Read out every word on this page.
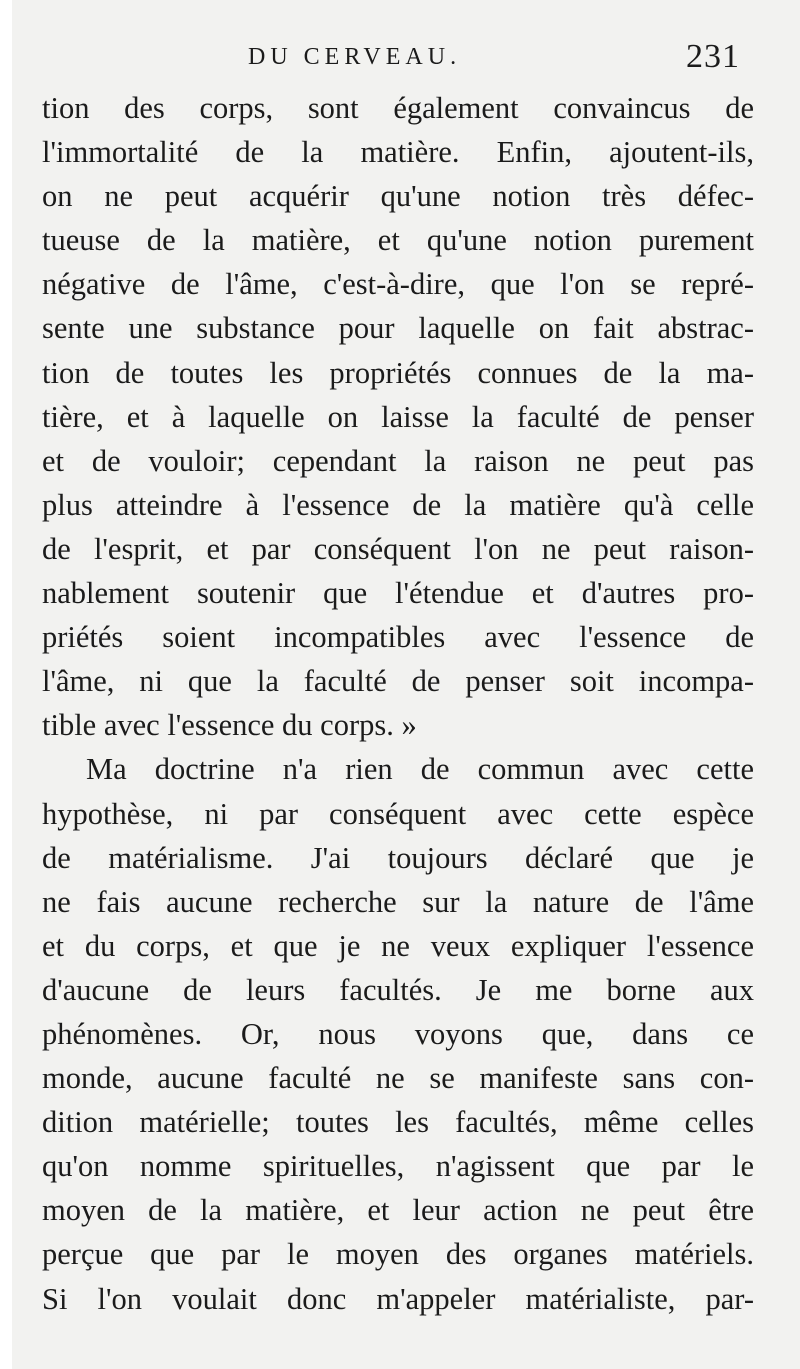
DU CERVEAU.	231
tion des corps, sont également convaincus de
l'immortalité de la matière. Enfin, ajoutent-ils,
on ne peut acquérir qu'une notion très défec-
tueuse de la matière, et qu'une notion purement
négative de l'âme, c'est-à-dire, que l'on se repré-
sente une substance pour laquelle on fait abstrac-
tion de toutes les propriétés connues de la ma-
tière, et à laquelle on laisse la faculté de penser
et de vouloir; cependant la raison ne peut pas
plus atteindre à l'essence de la matière qu'à celle
de l'esprit, et par conséquent l'on ne peut raison-
nablement soutenir que l'étendue et d'autres pro-
priétés soient incompatibles avec l'essence de
l'âme, ni que la faculté de penser soit incompa-
tible avec l'essence du corps. »
Ma doctrine n'a rien de commun avec cette
hypothèse, ni par conséquent avec cette espèce
de matérialisme. J'ai toujours déclaré que je
ne fais aucune recherche sur la nature de l'âme
et du corps, et que je ne veux expliquer l'essence
d'aucune de leurs facultés. Je me borne aux
phénomènes. Or, nous voyons que, dans ce
monde, aucune faculté ne se manifeste sans con-
dition matérielle; toutes les facultés, même celles
qu'on nomme spirituelles, n'agissent que par le
moyen de la matière, et leur action ne peut être
perçue que par le moyen des organes matériels.
Si l'on voulait donc m'appeler matérialiste, par-
